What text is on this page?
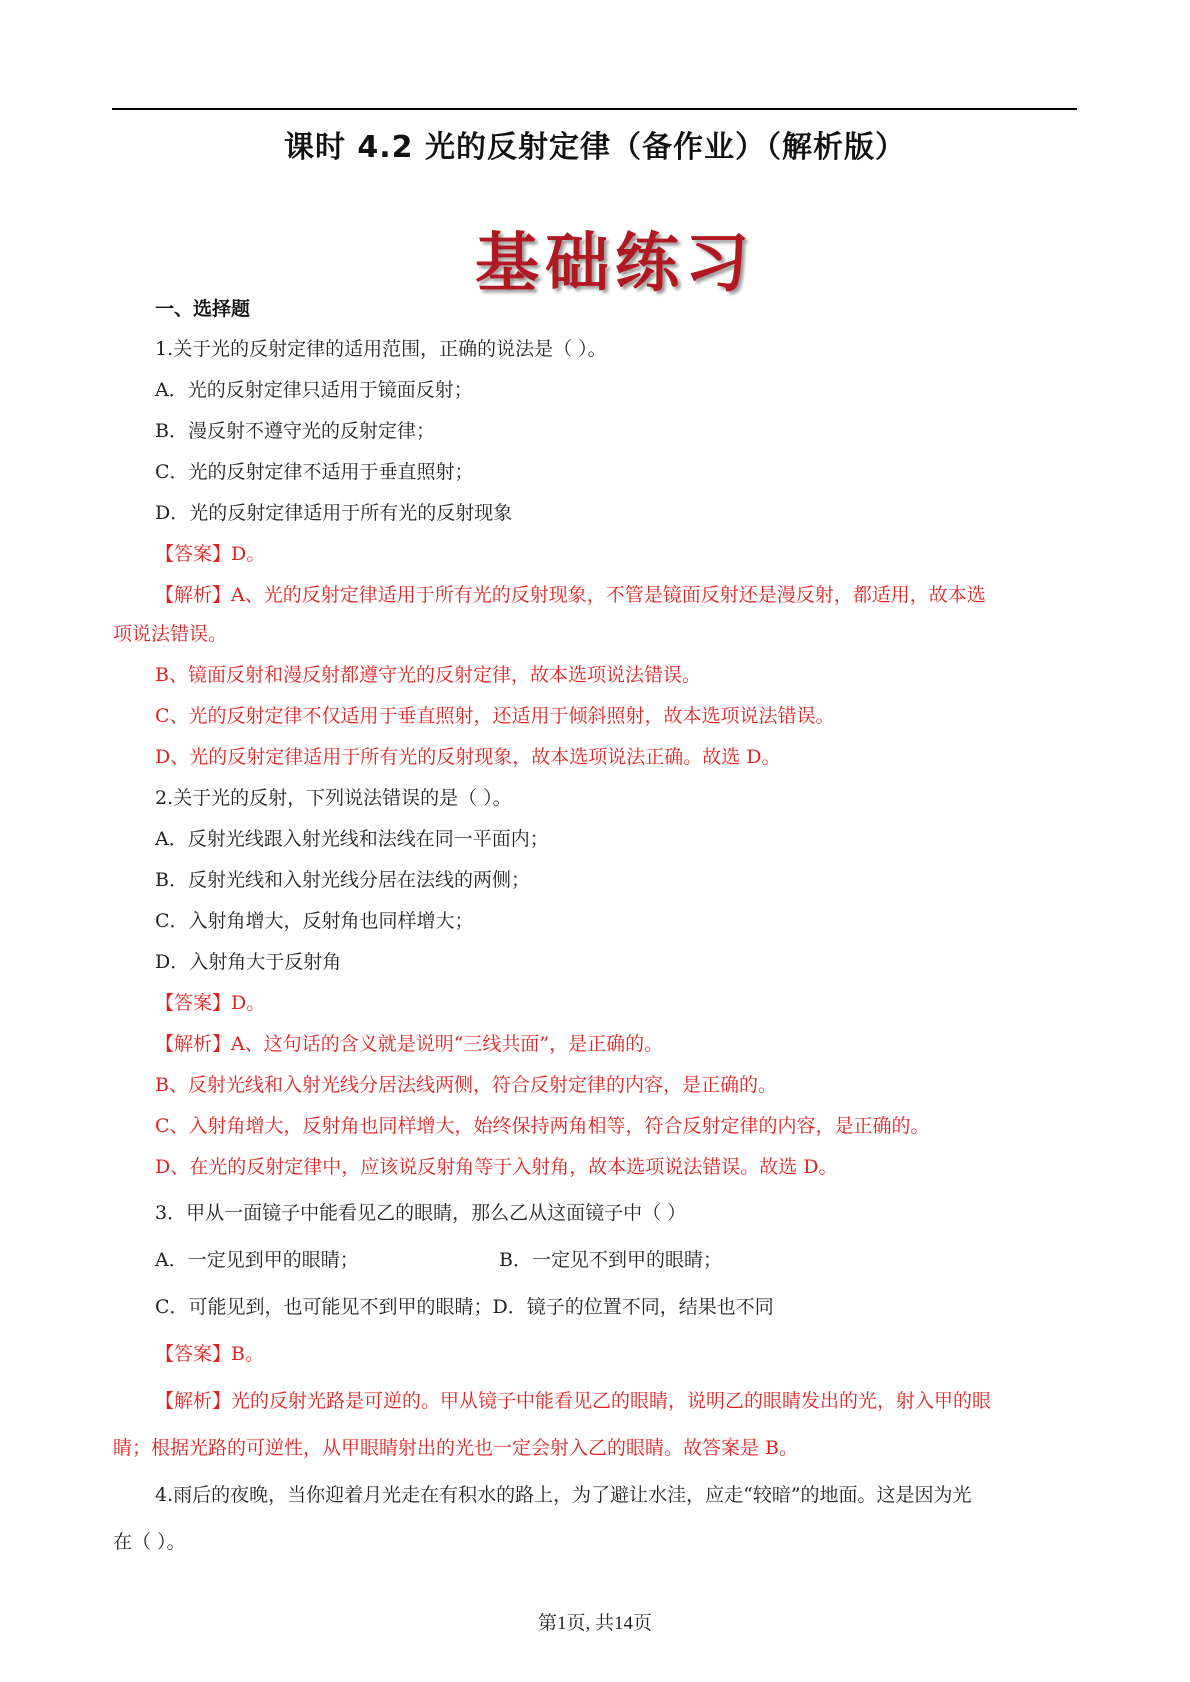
课时 4.2 光的反射定律（备作业）（解析版）
基础练习
一、选择题
1.关于光的反射定律的适用范围，正确的说法是（ ）。
A．光的反射定律只适用于镜面反射；
B．漫反射不遵守光的反射定律；
C．光的反射定律不适用于垂直照射；
D．光的反射定律适用于所有光的反射现象
【答案】D。
【解析】A、光的反射定律适用于所有光的反射现象，不管是镜面反射还是漫反射，都适用，故本选
项说法错误。
B、镜面反射和漫反射都遵守光的反射定律，故本选项说法错误。
C、光的反射定律不仅适用于垂直照射，还适用于倾斜照射，故本选项说法错误。
D、光的反射定律适用于所有光的反射现象，故本选项说法正确。故选 D。
2.关于光的反射，下列说法错误的是（ ）。
A．反射光线跟入射光线和法线在同一平面内；
B．反射光线和入射光线分居在法线的两侧；
C．入射角增大，反射角也同样增大；
D．入射角大于反射角
【答案】D。
【解析】A、这句话的含义就是说明“三线共面”，是正确的。
B、反射光线和入射光线分居法线两侧，符合反射定律的内容，是正确的。
C、入射角增大，反射角也同样增大，始终保持两角相等，符合反射定律的内容，是正确的。
D、在光的反射定律中，应该说反射角等于入射角，故本选项说法错误。故选 D。
3．甲从一面镜子中能看见乙的眼睛，那么乙从这面镜子中（ ）
A．一定见到甲的眼睛；	B．一定见不到甲的眼睛；
C．可能见到，也可能见不到甲的眼睛；D．镜子的位置不同，结果也不同
【答案】B。
【解析】光的反射光路是可逆的。甲从镜子中能看见乙的眼睛，说明乙的眼睛发出的光，射入甲的眼
睛；根据光路的可逆性，从甲眼睛射出的光也一定会射入乙的眼睛。故答案是 B。
4.雨后的夜晚，当你迎着月光走在有积水的路上，为了避让水洼，应走“较暗”的地面。这是因为光
在（ ）。
第1页, 共14页
